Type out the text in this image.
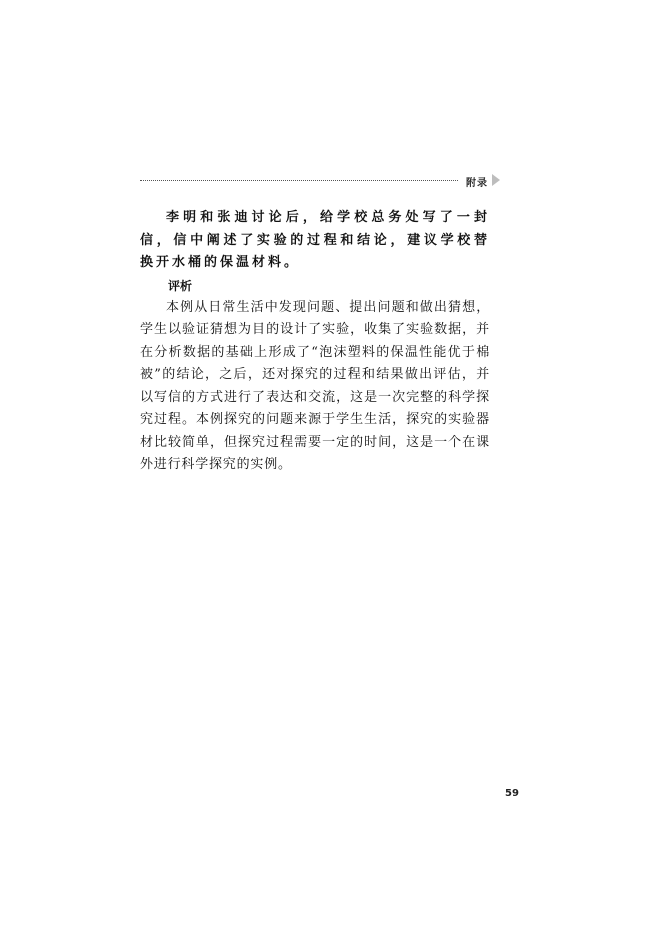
附录

李明和张迪讨论后，给学校总务处写了一封信，信中阐述了实验的过程和结论，建议学校替换开水桶的保温材料。

评析

本例从日常生活中发现问题、提出问题和做出猜想，学生以验证猜想为目的设计了实验，收集了实验数据，并在分析数据的基础上形成了“泡沫塑料的保温性能优于棉被”的结论，之后，还对探究的过程和结果做出评估，并以写信的方式进行了表达和交流，这是一次完整的科学探究过程。本例探究的问题来源于学生生活，探究的实验器材比较简单，但探究过程需要一定的时间，这是一个在课外进行科学探究的实例。

59
